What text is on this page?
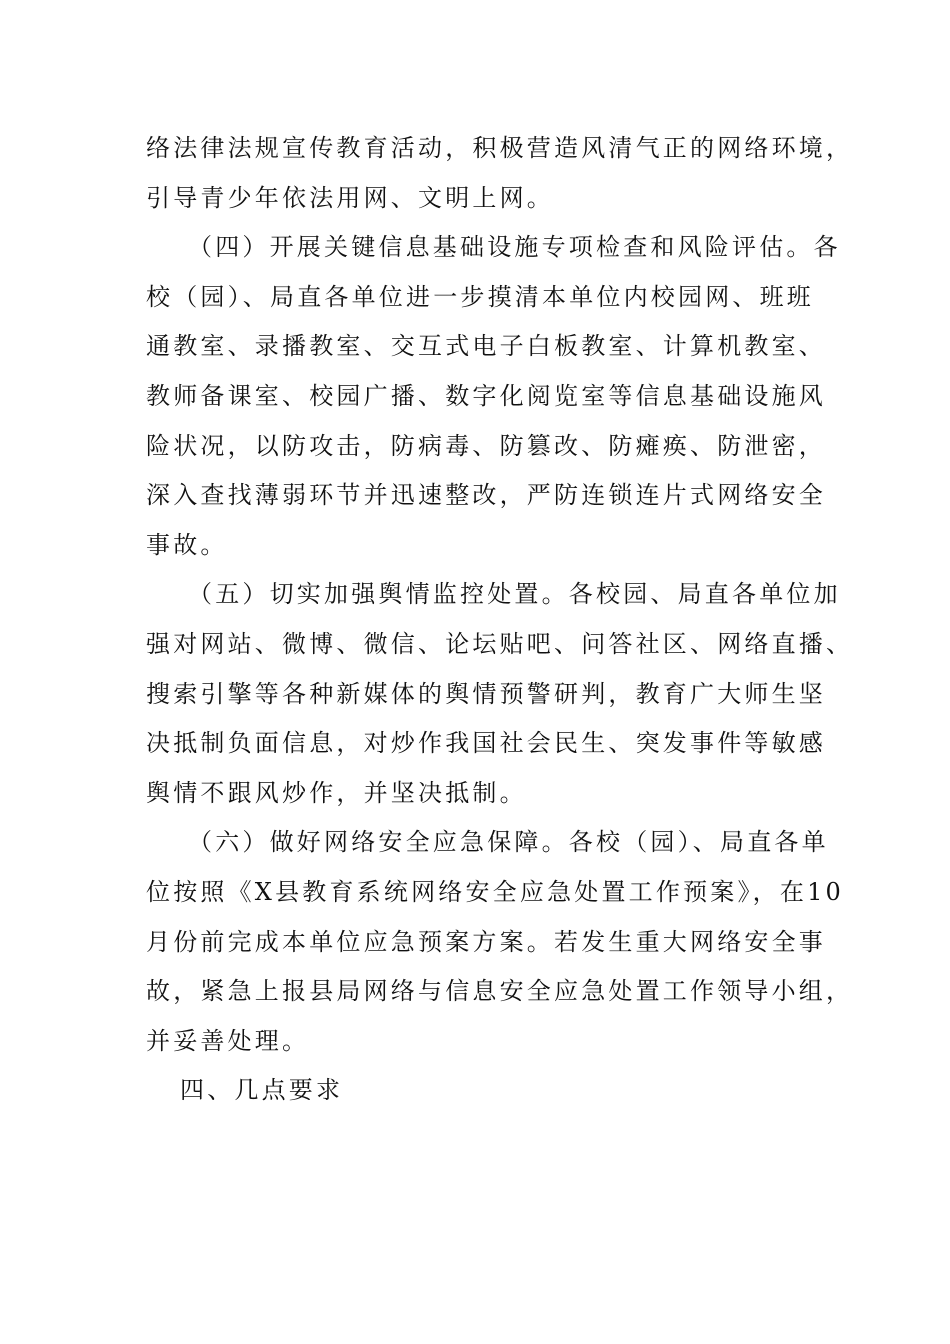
络法律法规宣传教育活动，积极营造风清气正的网络环境，
引导青少年依法用网、文明上网。

（四）开展关键信息基础设施专项检查和风险评估。各
校（园）、局直各单位进一步摸清本单位内校园网、班班
通教室、录播教室、交互式电子白板教室、计算机教室、
教师备课室、校园广播、数字化阅览室等信息基础设施风
险状况，以防攻击，防病毒、防篡改、防瘫痪、防泄密，
深入查找薄弱环节并迅速整改，严防连锁连片式网络安全
事故。

（五）切实加强舆情监控处置。各校园、局直各单位加
强对网站、微博、微信、论坛贴吧、问答社区、网络直播、
搜索引擎等各种新媒体的舆情预警研判，教育广大师生坚
决抵制负面信息，对炒作我国社会民生、突发事件等敏感
舆情不跟风炒作，并坚决抵制。

（六）做好网络安全应急保障。各校（园）、局直各单
位按照《X县教育系统网络安全应急处置工作预案》，在10
月份前完成本单位应急预案方案。若发生重大网络安全事
故，紧急上报县局网络与信息安全应急处置工作领导小组，
并妥善处理。

四、几点要求
